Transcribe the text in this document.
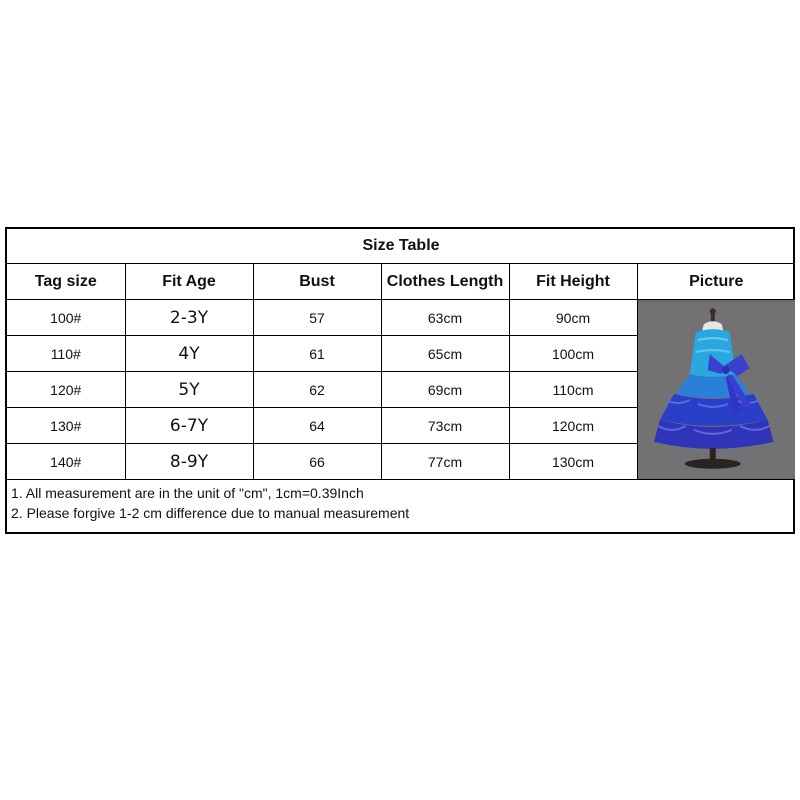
Size Table					
Tag size	Fit Age	Bust	Clothes Length	Fit Height	Picture
100#	2-3Y	57	63cm	90cm	

110#	4Y	61	65cm	100cm	
120#	5Y	62	69cm	110cm	
130#	6-7Y	64	73cm	120cm	
140#	8-9Y	66	77cm	130cm	

1. All measurement are in the unit of "cm", 1cm=0.39Inch
2. Please forgive 1-2 cm difference due to manual measurement					
